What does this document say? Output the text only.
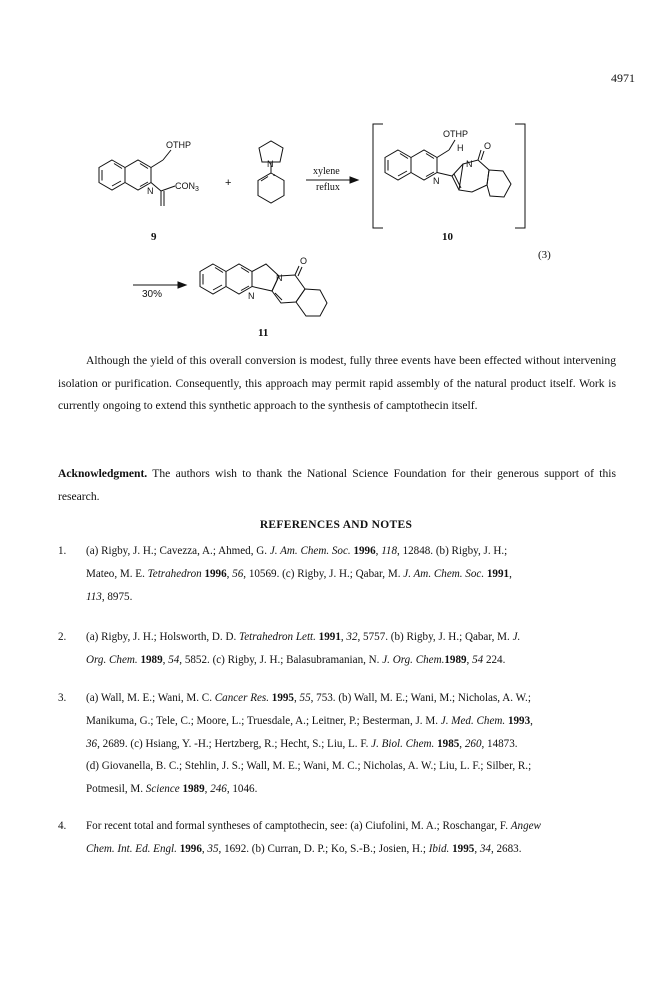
4971
OTHP
$CON_3$
N
+
N
xylene
reflux
OTHP
H
N
O
N
N
N
O
30%
9	10
11
(3)

Although the yield of this overall conversion is modest, fully three events have been effected without intervening isolation or purification. Consequently, this approach may permit rapid assembly of the natural product itself. Work is currently ongoing to extend this synthetic approach to the synthesis of camptothecin itself.

Acknowledgment. The authors wish to thank the National Science Foundation for their generous support of this research.

REFERENCES AND NOTES
1. (a) Rigby, J. H.; Cavezza, A.; Ahmed, G. J. Am. Chem. Soc. 1996, 118, 12848. (b) Rigby, J. H.;
Mateo, M. E. Tetrahedron 1996, 56, 10569. (c) Rigby, J. H.; Qabar, M. J. Am. Chem. Soc. 1991,
113, 8975.
2. (a) Rigby, J. H.; Holsworth, D. D. Tetrahedron Lett. 1991, 32, 5757. (b) Rigby, J. H.; Qabar, M. J.
Org. Chem. 1989, 54, 5852. (c) Rigby, J. H.; Balasubramanian, N. J. Org. Chem.1989, 54 224.
3. (a) Wall, M. E.; Wani, M. C. Cancer Res. 1995, 55, 753. (b) Wall, M. E.; Wani, M.; Nicholas, A. W.;
Manikuma, G.; Tele, C.; Moore, L.; Truesdale, A.; Leitner, P.; Besterman, J. M. J. Med. Chem. 1993,
36, 2689. (c) Hsiang, Y. -H.; Hertzberg, R.; Hecht, S.; Liu, L. F. J. Biol. Chem. 1985, 260, 14873.
(d) Giovanella, B. C.; Stehlin, J. S.; Wall, M. E.; Wani, M. C.; Nicholas, A. W.; Liu, L. F.; Silber, R.;
Potmesil, M. Science 1989, 246, 1046.
4. For recent total and formal syntheses of camptothecin, see: (a) Ciufolini, M. A.; Roschangar, F. Angew
Chem. Int. Ed. Engl. 1996, 35, 1692. (b) Curran, D. P.; Ko, S.-B.; Josien, H.; Ibid. 1995, 34, 2683.
